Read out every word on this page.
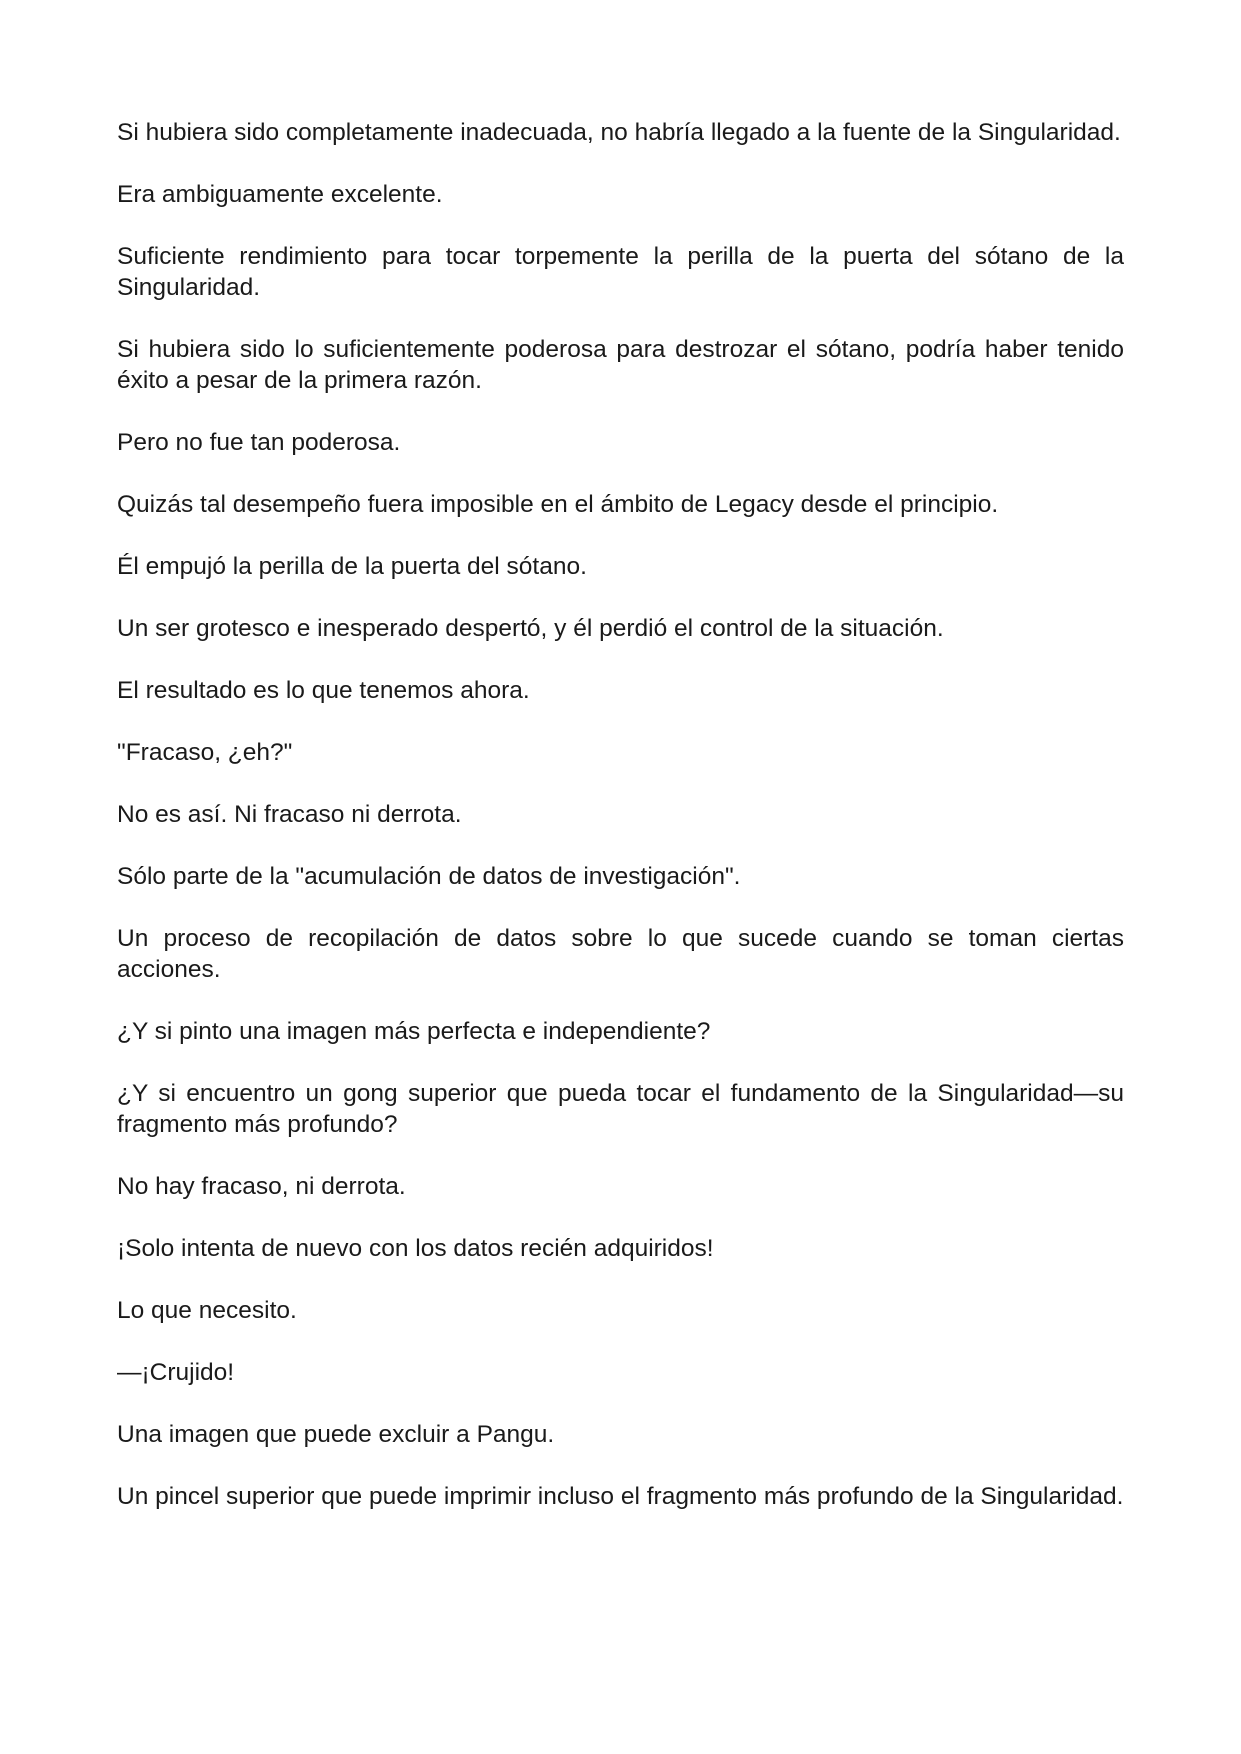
Si hubiera sido completamente inadecuada, no habría llegado a la fuente de la Singularidad.

Era ambiguamente excelente.

Suficiente rendimiento para tocar torpemente la perilla de la puerta del sótano de la Singularidad.

Si hubiera sido lo suficientemente poderosa para destrozar el sótano, podría haber tenido éxito a pesar de la primera razón.

Pero no fue tan poderosa.

Quizás tal desempeño fuera imposible en el ámbito de Legacy desde el principio.

Él empujó la perilla de la puerta del sótano.

Un ser grotesco e inesperado despertó, y él perdió el control de la situación.

El resultado es lo que tenemos ahora.

"Fracaso, ¿eh?"

No es así. Ni fracaso ni derrota.

Sólo parte de la "acumulación de datos de investigación".

Un proceso de recopilación de datos sobre lo que sucede cuando se toman ciertas acciones.

¿Y si pinto una imagen más perfecta e independiente?

¿Y si encuentro un gong superior que pueda tocar el fundamento de la Singularidad—su fragmento más profundo?

No hay fracaso, ni derrota.

¡Solo intenta de nuevo con los datos recién adquiridos!

Lo que necesito.

—¡Crujido!

Una imagen que puede excluir a Pangu.

Un pincel superior que puede imprimir incluso el fragmento más profundo de la Singularidad.
